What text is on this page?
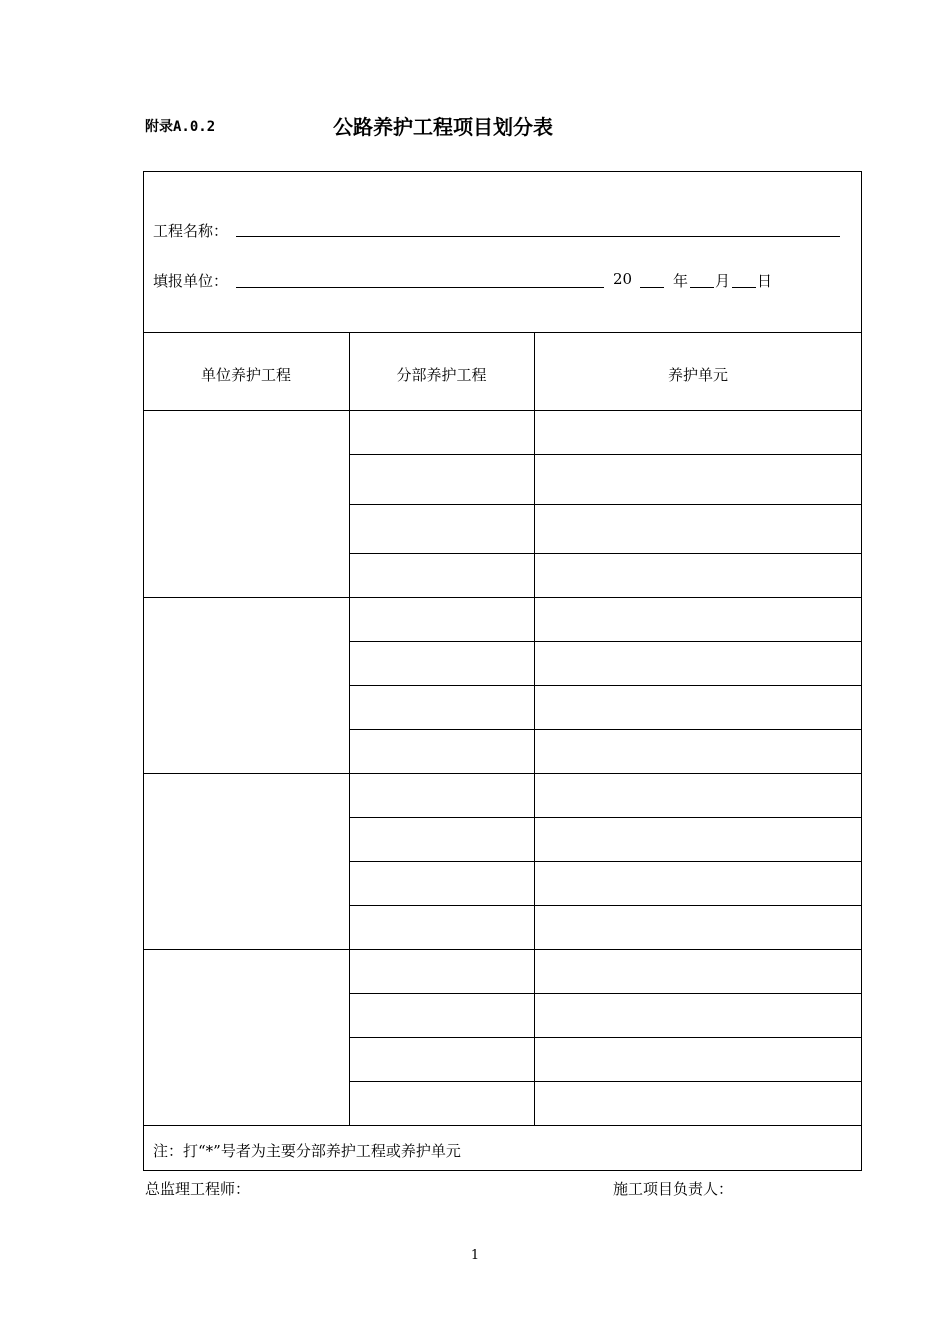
附录A.0.2	公路养护工程项目划分表
工程名称：
填报单位：	20	年 月 日
单位养护工程	分部养护工程	养护单元
注：打“*”号者为主要分部养护工程或养护单元
总监理工程师：	施工项目负责人：
1
